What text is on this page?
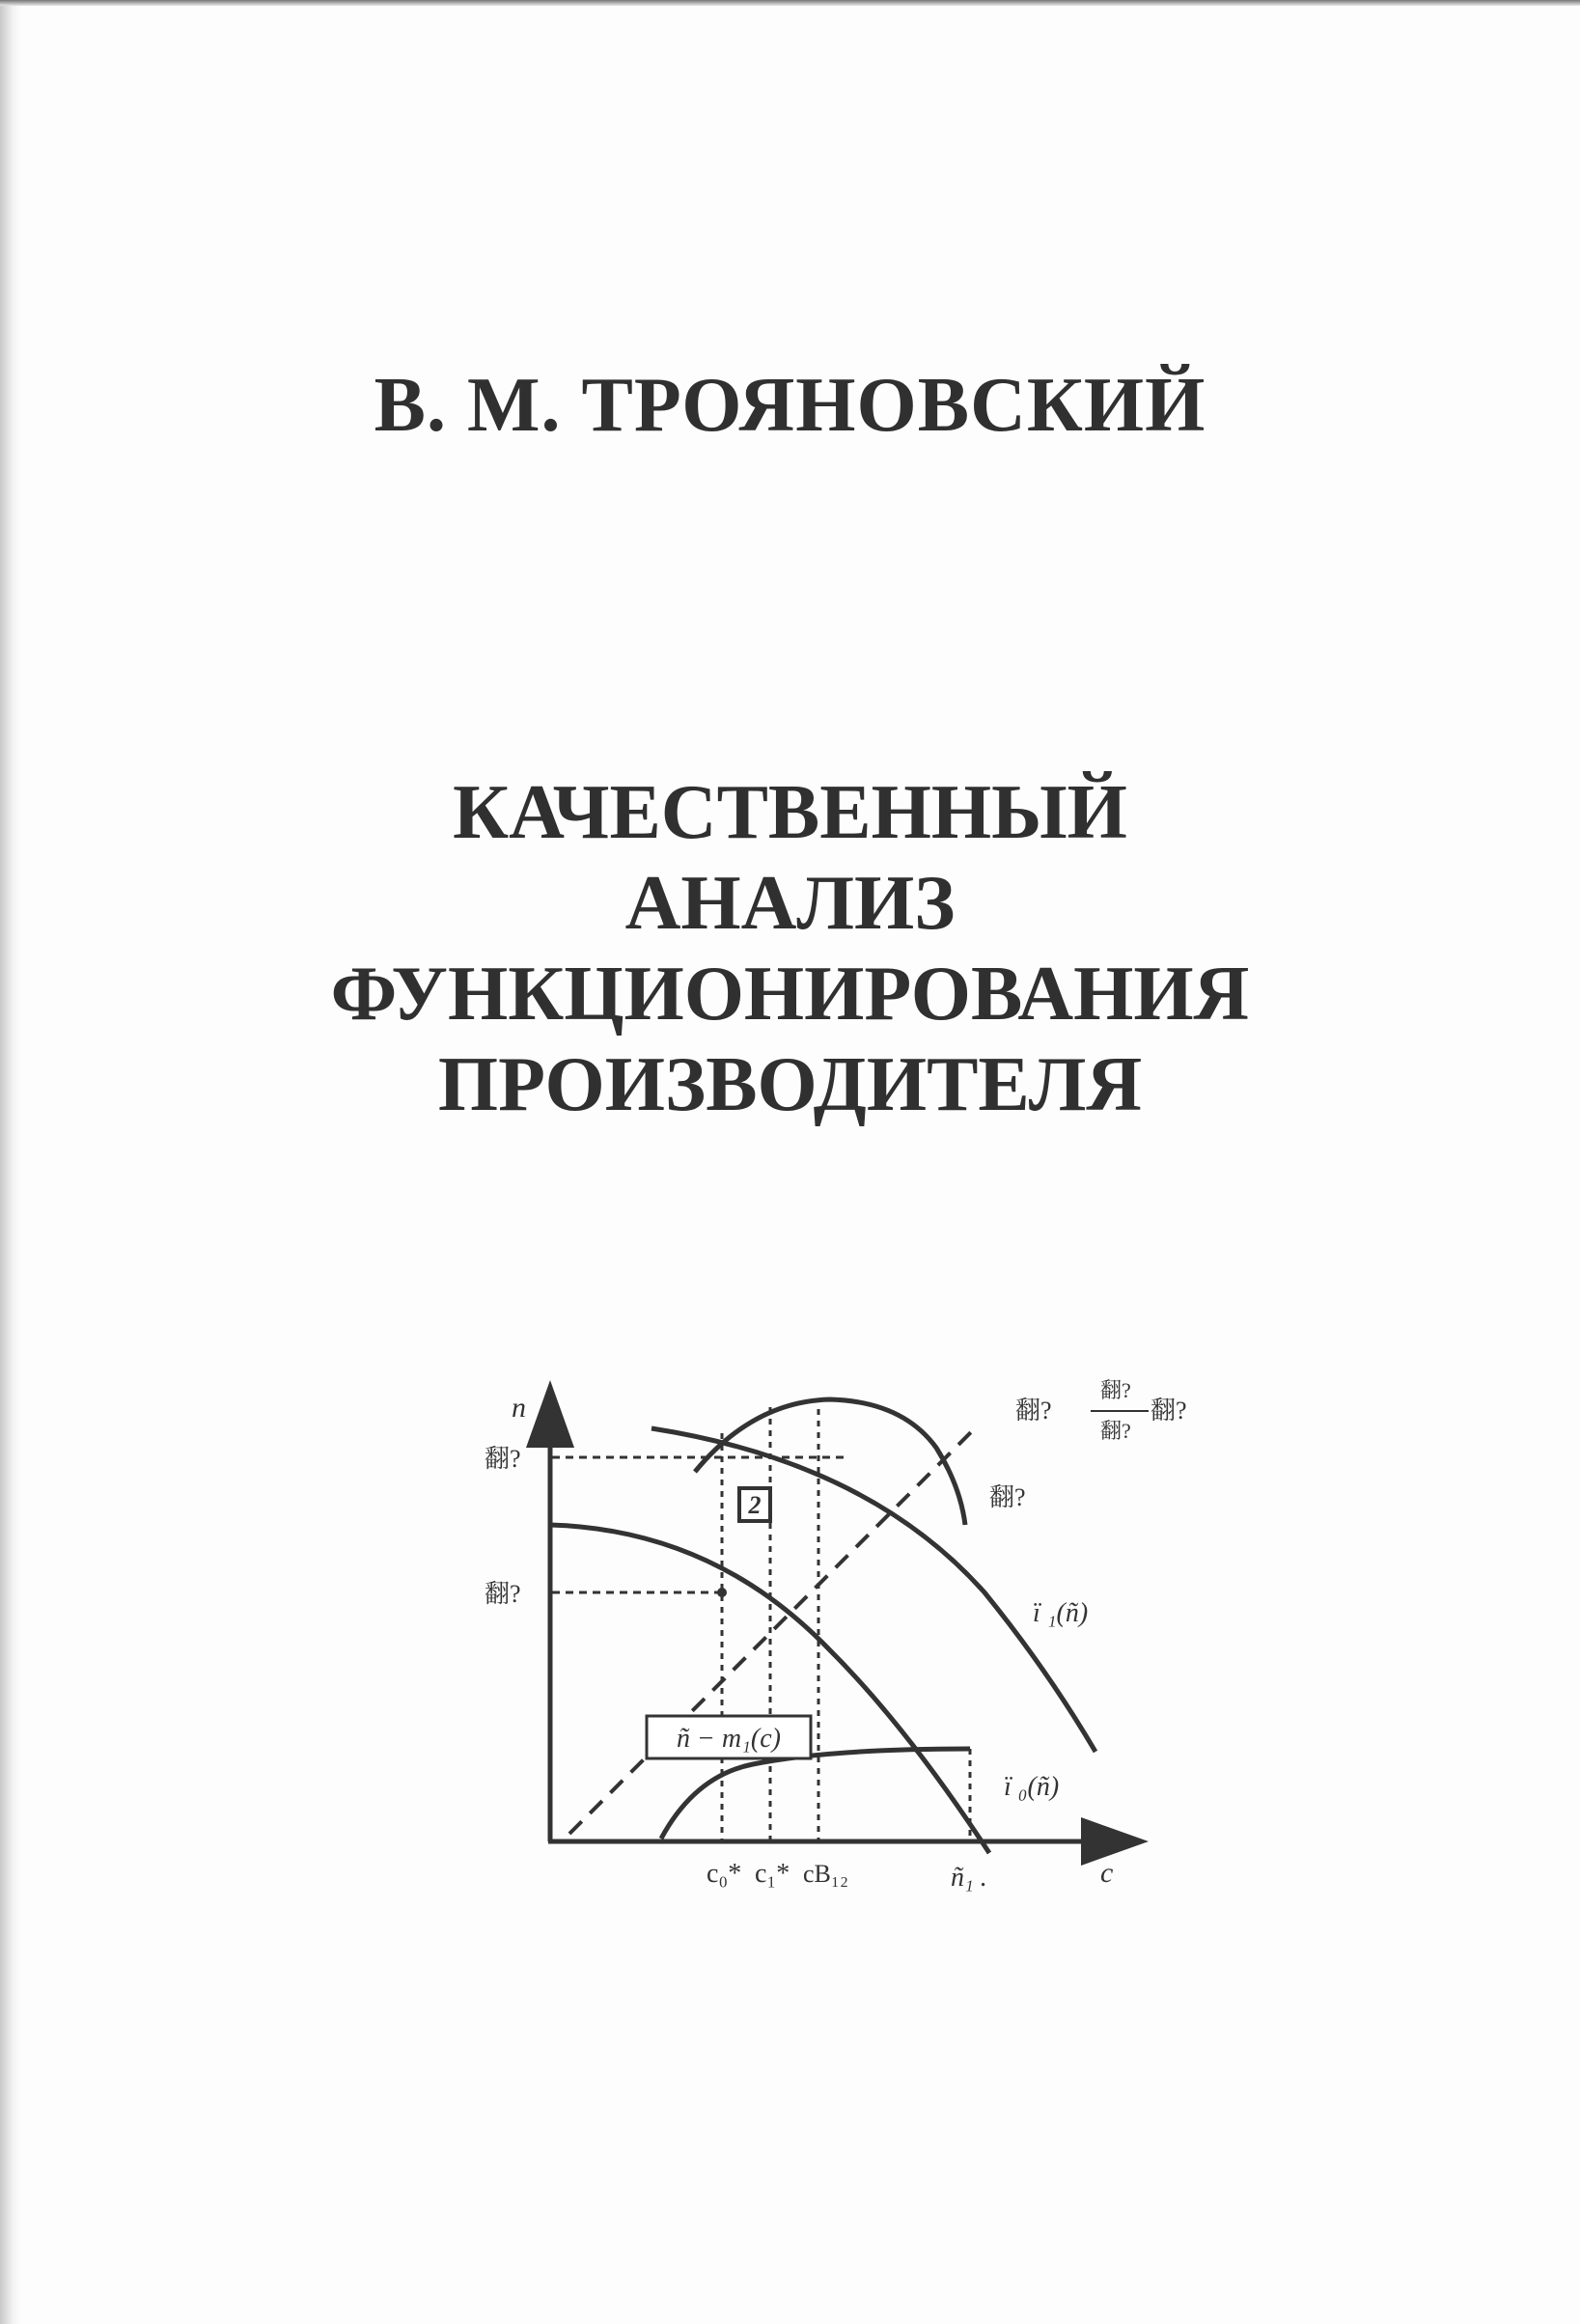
В. М. ТРОЯНОВСКИЙ
КАЧЕСТВЕННЫЙ
АНАЛИЗ
ФУНКЦИОНИРОВАНИЯ
ПРОИЗВОДИТЕЛЯ
n
c
2
ñ − m₁(c)
ï ₁(ñ)
ï ₀(ñ)
翻?
翻?
翻?
翻?
翻?
翻?
翻?
c₀* c₁* cВ₁₂	ñ₁ .
